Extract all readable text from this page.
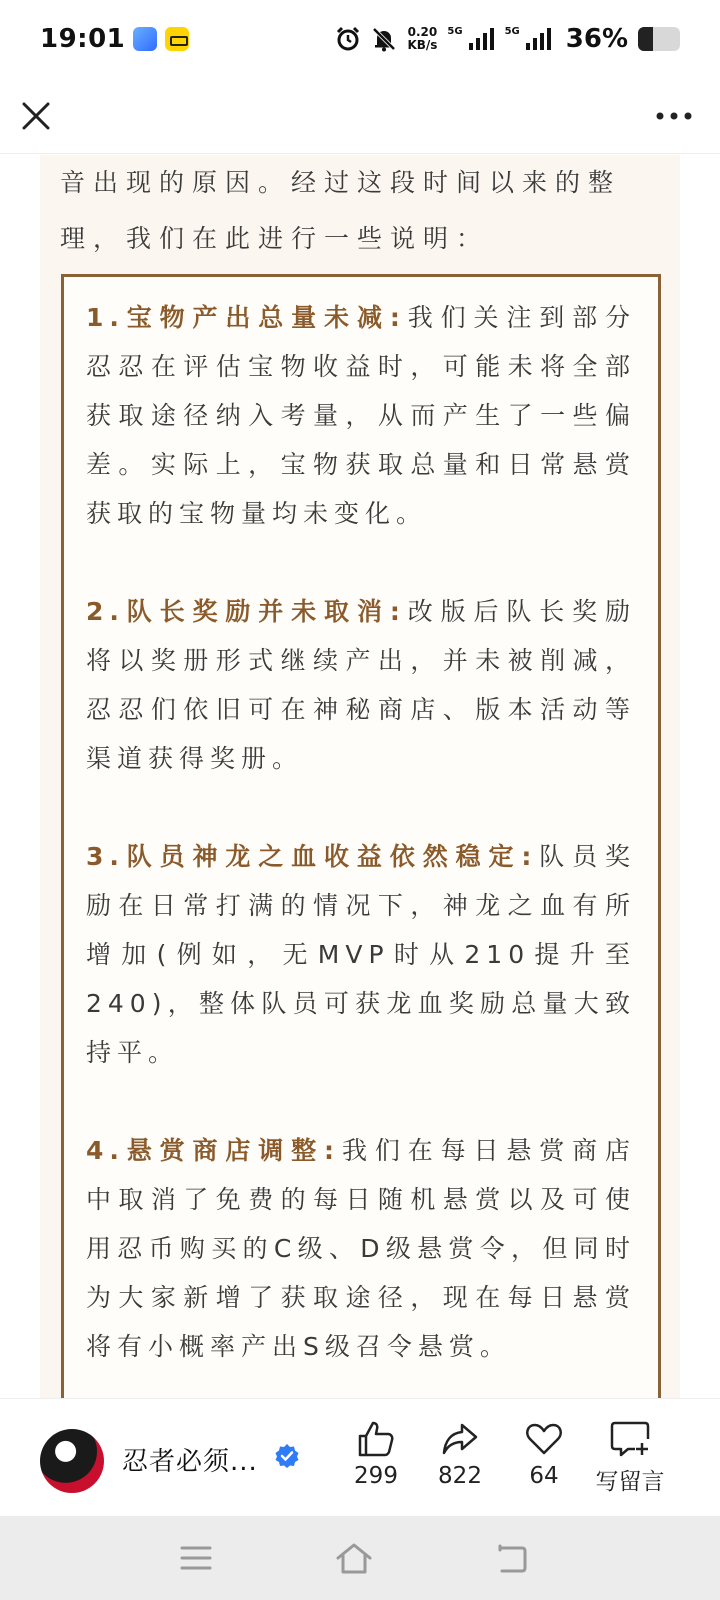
19:01	0.20
KB/s
5G	5G 36%
音出现的原因。经过这段时间以来的整
理，我们在此进行一些说明：

1.宝物产出总量未减:我们关注到部分忍忍在评估宝物收益时，可能未将全部获取途径纳入考量，从而产生了一些偏差。实际上，宝物获取总量和日常悬赏获取的宝物量均未变化。

2.队长奖励并未取消:改版后队长奖励将以奖册形式继续产出，并未被削减，忍忍们依旧可在神秘商店、版本活动等渠道获得奖册。

3.队员神龙之血收益依然稳定:队员奖励在日常打满的情况下，神龙之血有所增加(例如，无MVP时从210提升至240)，整体队员可获龙血奖励总量大致持平。

4.悬赏商店调整:我们在每日悬赏商店中取消了免费的每日随机悬赏以及可使用忍币购买的C级、D级悬赏令，但同时为大家新增了获取途径，现在每日悬赏将有小概率产出S级召令悬赏。

忍者必须...	299	822	64	写留言
